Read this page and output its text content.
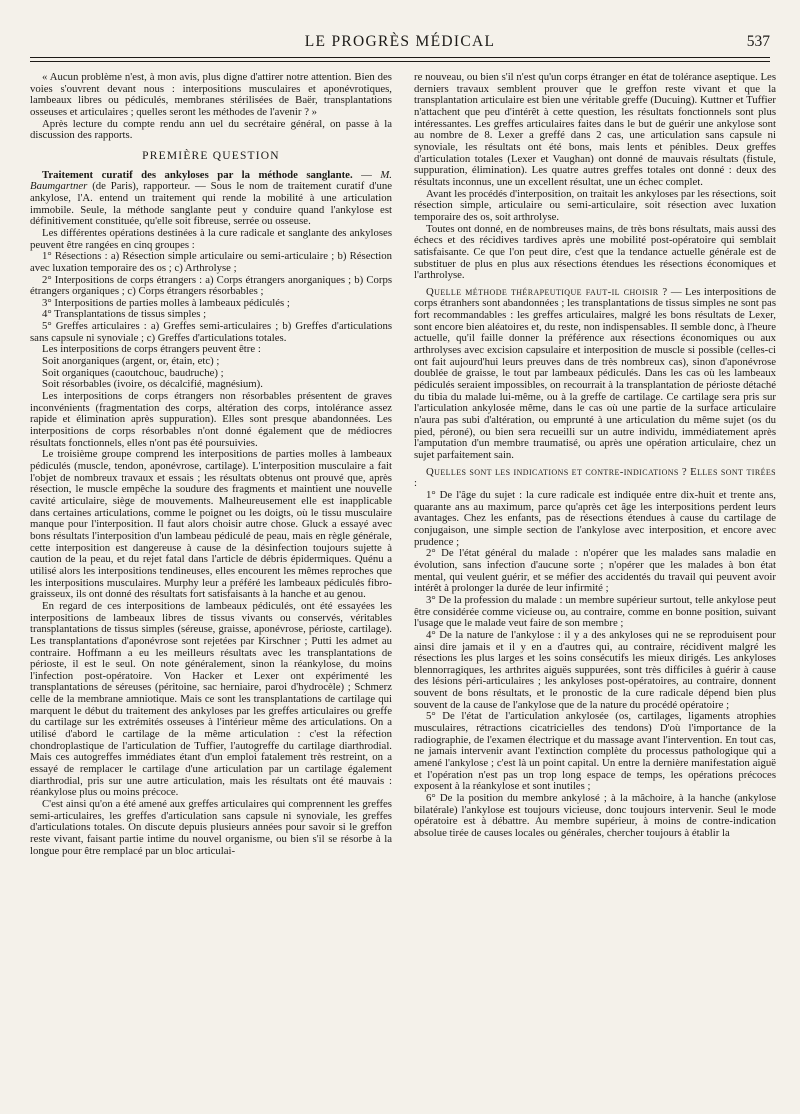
LE PROGRÈS MÉDICAL	537

« Aucun problème n'est, à mon avis, plus digne d'attirer notre attention. Bien des voies s'ouvrent devant nous : interpositions musculaires et aponévrotiques, lambeaux libres ou pédiculés, membranes stérilisées de Baër, transplantations osseuses et articulaires ; quelles seront les méthodes de l'avenir ? »

Après lecture du compte rendu ann uel du secrétaire général, on passe à la discussion des rapports.

PREMIÈRE QUESTION

Traitement curatif des ankyloses par la méthode sanglante. — M. Baumgartner (de Paris), rapporteur. — Sous le nom de traitement curatif d'une ankylose, l'A. entend un traitement qui rende la mobilité à une articulation immobile. Seule, la méthode sanglante peut y conduire quand l'ankylose est définitivement constituée, qu'elle soit fibreuse, serrée ou osseuse.

Les différentes opérations destinées à la cure radicale et sanglante des ankyloses peuvent être rangées en cinq groupes :

1° Résections : a) Résection simple articulaire ou semi-articulaire ; b) Résection avec luxation temporaire des os ; c) Arthrolyse ;

2° Interpositions de corps étrangers : a) Corps étrangers anorganiques ; b) Corps étrangers organiques ; c) Corps étrangers résorbables ;

3° Interpositions de parties molles à lambeaux pédiculés ;

4° Transplantations de tissus simples ;

5° Greffes articulaires : a) Greffes semi-articulaires ; b) Greffes d'articulations sans capsule ni synoviale ; c) Greffes d'articulations totales.

Les interpositions de corps étrangers peuvent être :

Soit anorganiques (argent, or, étain, etc) ;

Soit organiques (caoutchouc, baudruche) ;

Soit résorbables (ivoire, os décalcifié, magnésium).

Les interpositions de corps étrangers non résorbables présentent de graves inconvénients (fragmentation des corps, altération des corps, intolérance assez rapide et élimination après suppuration). Elles sont presque abandonnées. Les interpositions de corps résorbables n'ont donné également que de médiocres résultats fonctionnels, elles n'ont pas été poursuivies.

Le troisième groupe comprend les interpositions de parties molles à lambeaux pédiculés (muscle, tendon, aponévrose, cartilage). L'interposition musculaire a fait l'objet de nombreux travaux et essais ; les résultats obtenus ont prouvé que, après résection, le muscle empêche la soudure des fragments et maintient une nouvelle cavité articulaire, siège de mouvements. Malheureusement elle est inapplicable dans certaines articulations, comme le poignet ou les doigts, où le tissu musculaire manque pour l'interposition. Il faut alors choisir autre chose. Gluck a essayé avec bons résultats l'interposition d'un lambeau pédiculé de peau, mais en règle générale, cette interposition est dangereuse à cause de la désinfection toujours sujette à caution de la peau, et du rejet fatal dans l'article de débris épidermiques. Quénu a utilisé alors les interpositions tendineuses, elles encourent les mêmes reproches que les interpositions musculaires. Murphy leur a préféré les lambeaux pédiculés fibro-graisseux, ils ont donné des résultats fort satisfaisants à la hanche et au genou.

En regard de ces interpositions de lambeaux pédiculés, ont été essayées les interpositions de lambeaux libres de tissus vivants ou conservés, véritables transplantations de tissus simples (séreuse, graisse, aponévrose, périoste, cartilage). Les transplantations d'aponévrose sont rejetées par Kirschner ; Putti les admet au contraire. Hoffmann a eu les meilleurs résultats avec les transplantations de périoste, il est le seul. On note généralement, sinon la réankylose, du moins l'infection post-opératoire. Von Hacker et Lexer ont expérimenté les transplantations de séreuses (péritoine, sac herniaire, paroi d'hydrocèle) ; Schmerz celle de la membrane amniotique. Mais ce sont les transplantations de cartilage qui marquent le début du traitement des ankyloses par les greffes articulaires ou greffe du cartilage sur les extrémités osseuses à l'intérieur même des articulations. On a utilisé d'abord le cartilage de la même articulation : c'est la réfection chondroplastique de l'articulation de Tuffier, l'autogreffe du cartilage diarthrodial. Mais ces autogreffes immédiates étant d'un emploi fatalement très restreint, on a essayé de remplacer le cartilage d'une articulation par un cartilage également diarthrodial, pris sur une autre articulation, mais les résultats ont été mauvais : réankylose plus ou moins précoce.

C'est ainsi qu'on a été amené aux greffes articulaires qui comprennent les greffes semi-articulaires, les greffes d'articulation sans capsule ni synoviale, les greffes d'articulations totales. On discute depuis plusieurs années pour savoir si le greffon reste vivant, faisant partie intime du nouvel organisme, ou bien s'il se résorbe à la longue pour être remplacé par un bloc articulai-

re nouveau, ou bien s'il n'est qu'un corps étranger en état de tolérance aseptique. Les derniers travaux semblent prouver que le greffon reste vivant et que la transplantation articulaire est bien une véritable greffe (Ducuing). Kuttner et Tuffier n'attachent que peu d'intérêt à cette question, les résultats fonctionnels sont plus intéressantes. Les greffes articulaires faites dans le but de guérir une ankylose sont au nombre de 8. Lexer a greffé dans 2 cas, une articulation sans capsule ni synoviale, les résultats ont été bons, mais lents et pénibles. Deux greffes d'articulation totales (Lexer et Vaughan) ont donné de mauvais résultats (fistule, suppuration, élimination). Les quatre autres greffes totales ont donné : deux des résultats inconnus, une un excellent résultat, une un échec complet.

Avant les procédés d'interposition, on traitait les ankyloses par les résections, soit résection simple, articulaire ou semi-articulaire, soit résection avec luxation temporaire des os, soit arthrolyse.

Toutes ont donné, en de nombreuses mains, de très bons résultats, mais aussi des échecs et des récidives tardives après une mobilité post-opératoire qui semblait satisfaisante. Ce que l'on peut dire, c'est que la tendance actuelle générale est de substituer de plus en plus aux résections étendues les résections économiques et l'arthrolyse.

Quelle méthode thérapeutique faut-il choisir ? — Les interpositions de corps étranhers sont abandonnées ; les transplantations de tissus simples ne sont pas fort recommandables : les greffes articulaires, malgré les bons résultats de Lexer, sont encore bien aléatoires et, du reste, non indispensables. Il semble donc, à l'heure actuelle, qu'il faille donner la préférence aux résections économiques ou aux arthrolyses avec excision capsulaire et interposition de muscle si possible (celles-ci ont fait aujourd'hui leurs preuves dans de très nombreux cas), sinon d'aponévrose doublée de graisse, le tout par lambeaux pédiculés. Dans les cas où les lambeaux pédiculés seraient impossibles, on recourrait à la transplantation de périoste détaché du tibia du malade lui-même, ou à la greffe de cartilage. Ce cartilage sera pris sur l'articulation ankylosée même, dans le cas où une partie de la surface articulaire n'aura pas subi d'altération, ou emprunté à une articulation du même sujet (os du pied, péroné), ou bien sera recueilli sur un autre individu, immédiatement après l'amputation d'un membre traumatisé, ou après une opération articulaire, chez un sujet parfaitement sain.

Quelles sont les indications et contre-indications ? Elles sont tirées :

1° De l'âge du sujet : la cure radicale est indiquée entre dix-huit et trente ans, quarante ans au maximum, parce qu'après cet âge les interpositions perdent leurs avantages. Chez les enfants, pas de résections étendues à cause du cartilage de conjugaison, une simple section de l'ankylose avec interposition, et encore avec prudence ;

2° De l'état général du malade : n'opérer que les malades sans maladie en évolution, sans infection d'aucune sorte ; n'opérer que les malades à bon état mental, qui veulent guérir, et se méfier des accidentés du travail qui peuvent avoir intérêt à prolonger la durée de leur infirmité ;

3° De la profession du malade : un membre supérieur surtout, telle ankylose peut être considérée comme vicieuse ou, au contraire, comme en bonne position, suivant l'usage que le malade veut faire de son membre ;

4° De la nature de l'ankylose : il y a des ankyloses qui ne se reproduisent pour ainsi dire jamais et il y en a d'autres qui, au contraire, récidivent malgré les résections les plus larges et les soins consécutifs les mieux dirigés. Les ankyloses blennorragiques, les arthrites aiguës suppurées, sont très difficiles à guérir à cause des lésions péri-articulaires ; les ankyloses post-opératoires, au contraire, donnent souvent de bons résultats, et le pronostic de la cure radicale dépend bien plus souvent de la cause de l'ankylose que de la nature du procédé opératoire ;

5° De l'état de l'articulation ankylosée (os, cartilages, ligaments atrophies musculaires, rétractions cicatricielles des tendons) D'où l'importance de la radiographie, de l'examen électrique et du massage avant l'intervention. En tout cas, ne jamais intervenir avant l'extinction complète du processus pathologique qui a amené l'ankylose ; c'est là un point capital. Un entre la dernière manifestation aiguë et l'opération n'est pas un trop long espace de temps, les opérations précoces exposent à la réankylose et sont inutiles ;

6° De la position du membre ankylosé ; à la mâchoire, à la hanche (ankylose bilatérale) l'ankylose est toujours vicieuse, donc toujours intervenir. Seul le mode opératoire est à débattre. Au membre supérieur, à moins de contre-indication absolue tirée de causes locales ou générales, chercher toujours à établir la
